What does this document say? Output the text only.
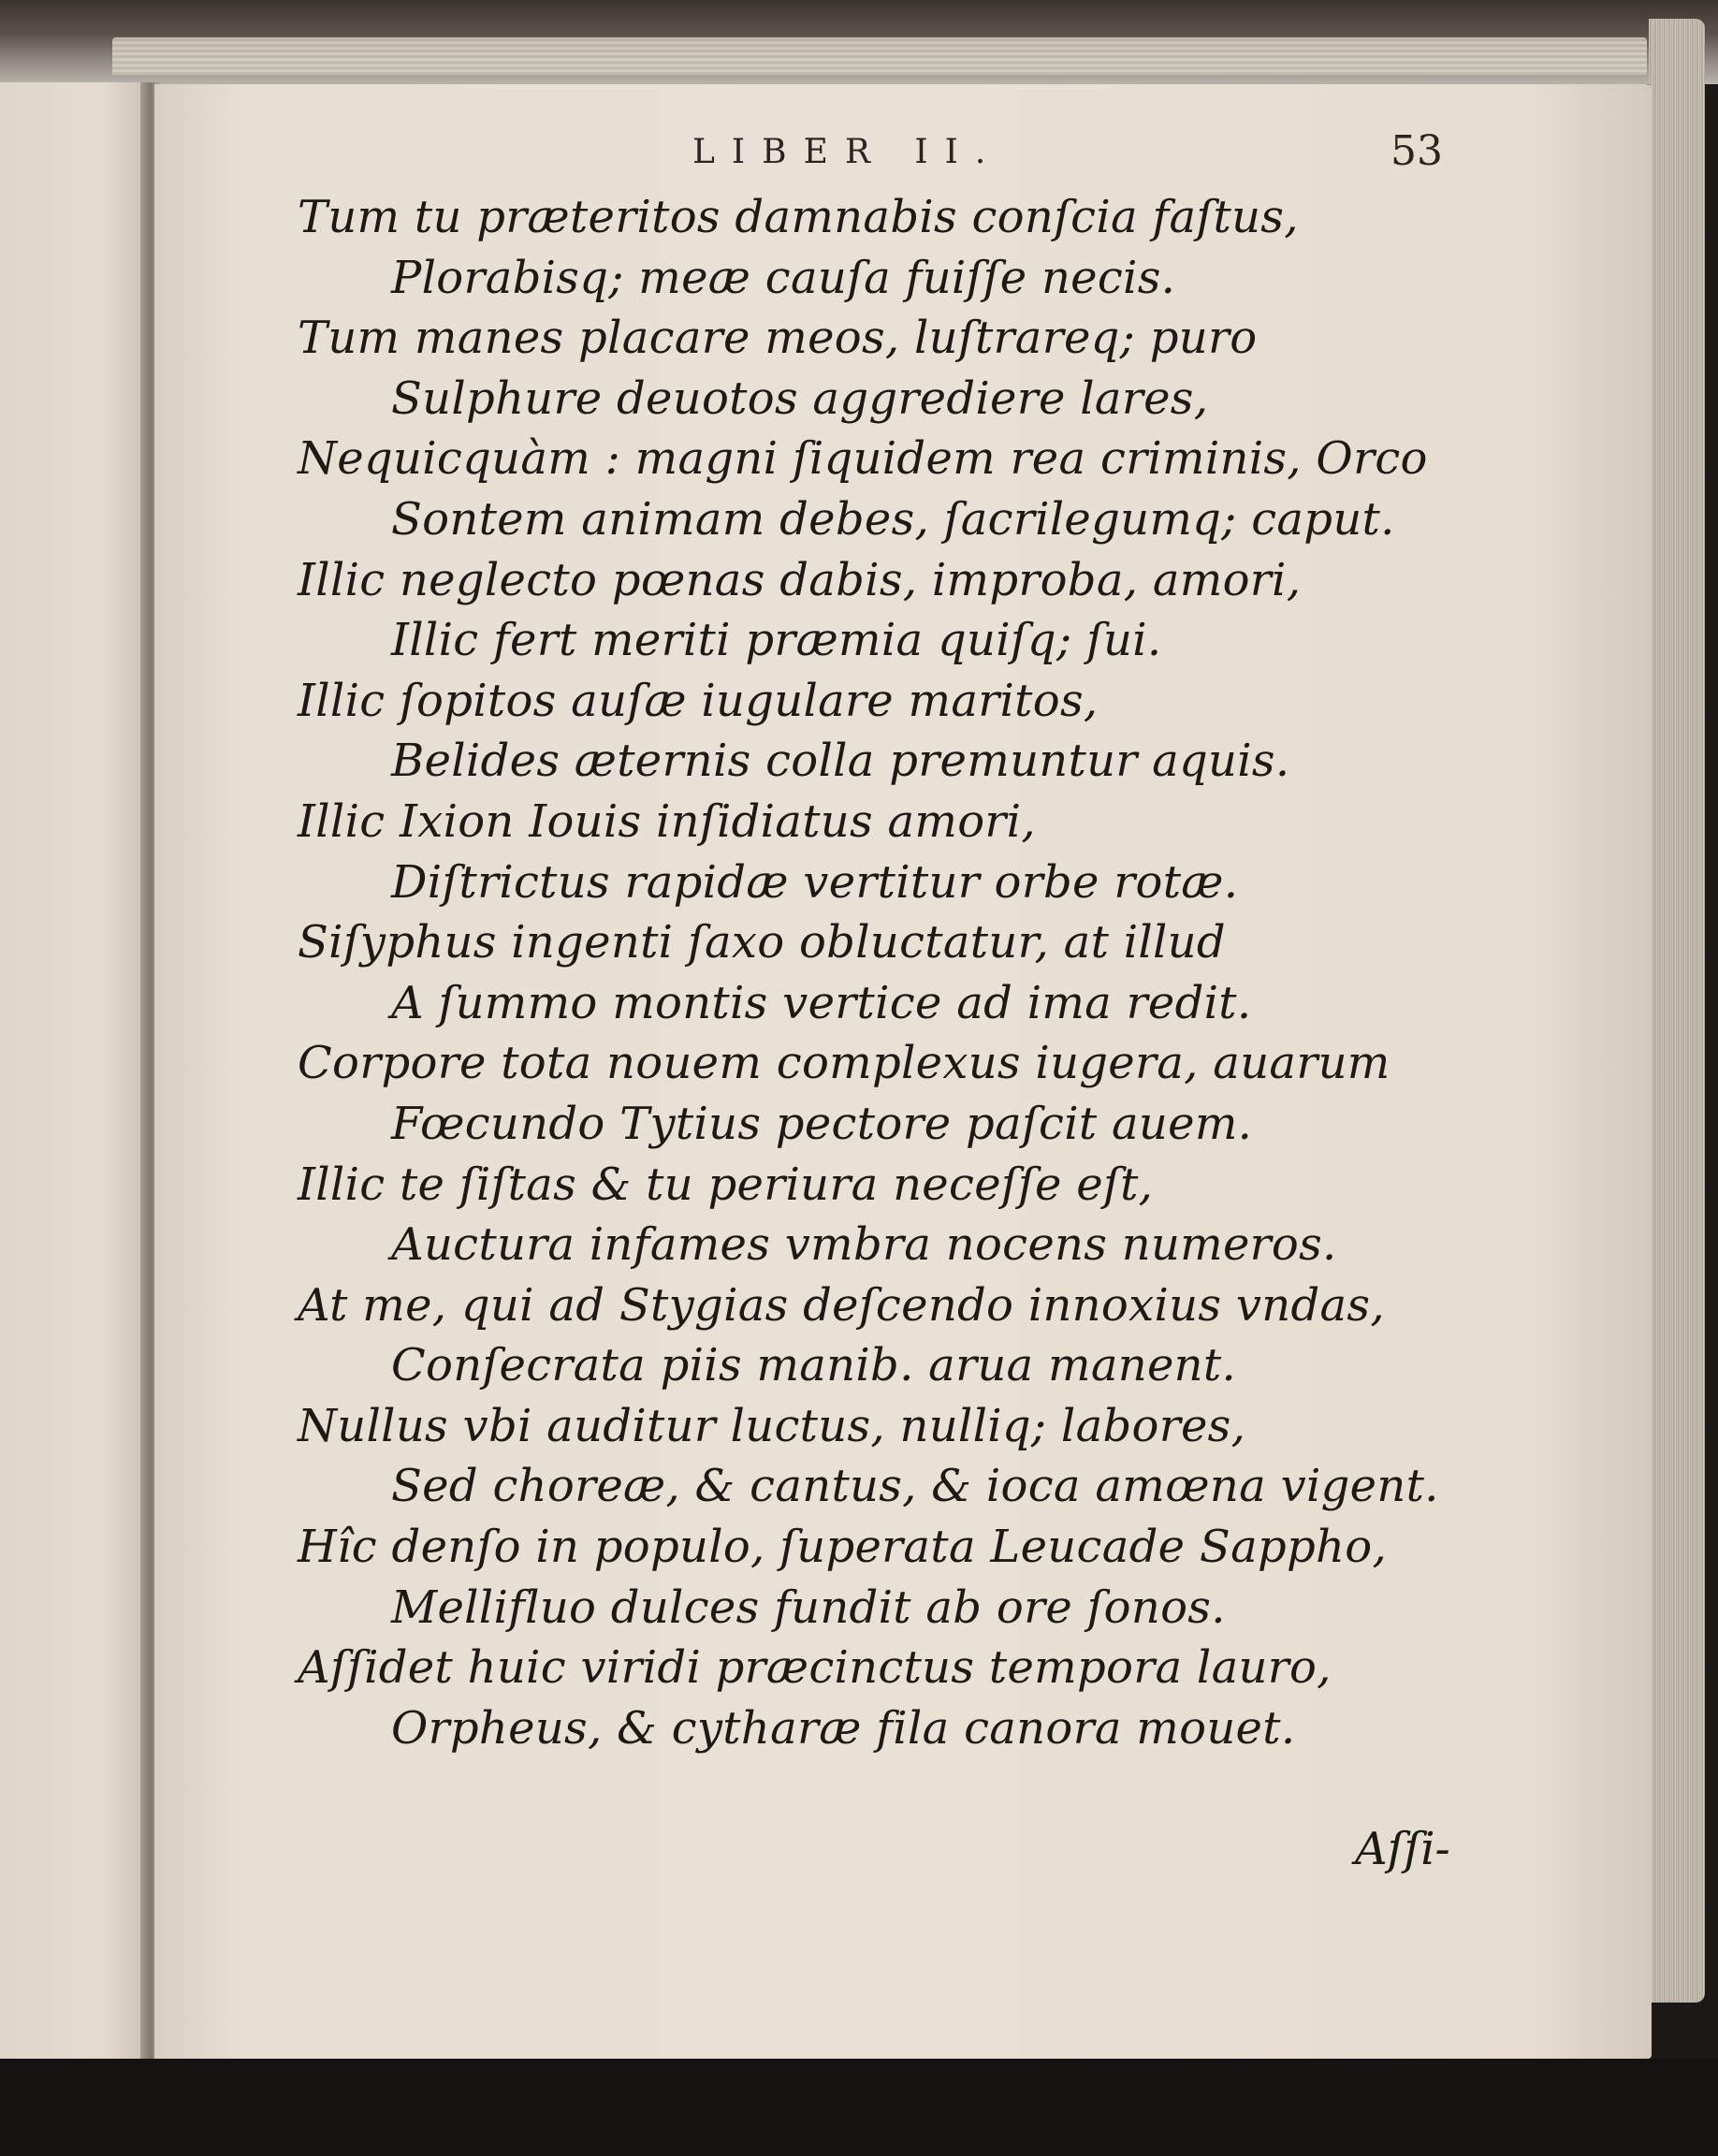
LIBER II.	53
Tum tu præteritos damnabis conſcia faſtus,
Plorabisq; meæ cauſa fuiſſe necis.
Tum manes placare meos, luſtrareq; puro
Sulphure deuotos aggrediere lares,
Nequicquàm : magni ſiquidem rea criminis, Orco
Sontem animam debes, ſacrilegumq; caput.
Illic neglecto pœnas dabis, improba, amori,
Illic fert meriti præmia quiſq; ſui.
Illic ſopitos auſæ iugulare maritos,
Belides æternis colla premuntur aquis.
Illic Ixion Iouis inſidiatus amori,
Diſtrictus rapidæ vertitur orbe rotæ.
Siſyphus ingenti ſaxo obluctatur, at illud
A ſummo montis vertice ad ima redit.
Corpore tota nouem complexus iugera, auarum
Fœcundo Tytius pectore paſcit auem.
Illic te ſiſtas & tu periura neceſſe eſt,
Auctura infames vmbra nocens numeros.
At me, qui ad Stygias deſcendo innoxius vndas,
Conſecrata piis manib. arua manent.
Nullus vbi auditur luctus, nulliq; labores,
Sed choreæ, & cantus, & ioca amœna vigent.
Hîc denſo in populo, ſuperata Leucade Sappho,
Mellifluo dulces fundit ab ore ſonos.
Aſſidet huic viridi præcinctus tempora lauro,
Orpheus, & cytharæ fila canora mouet.
Aſſi-
